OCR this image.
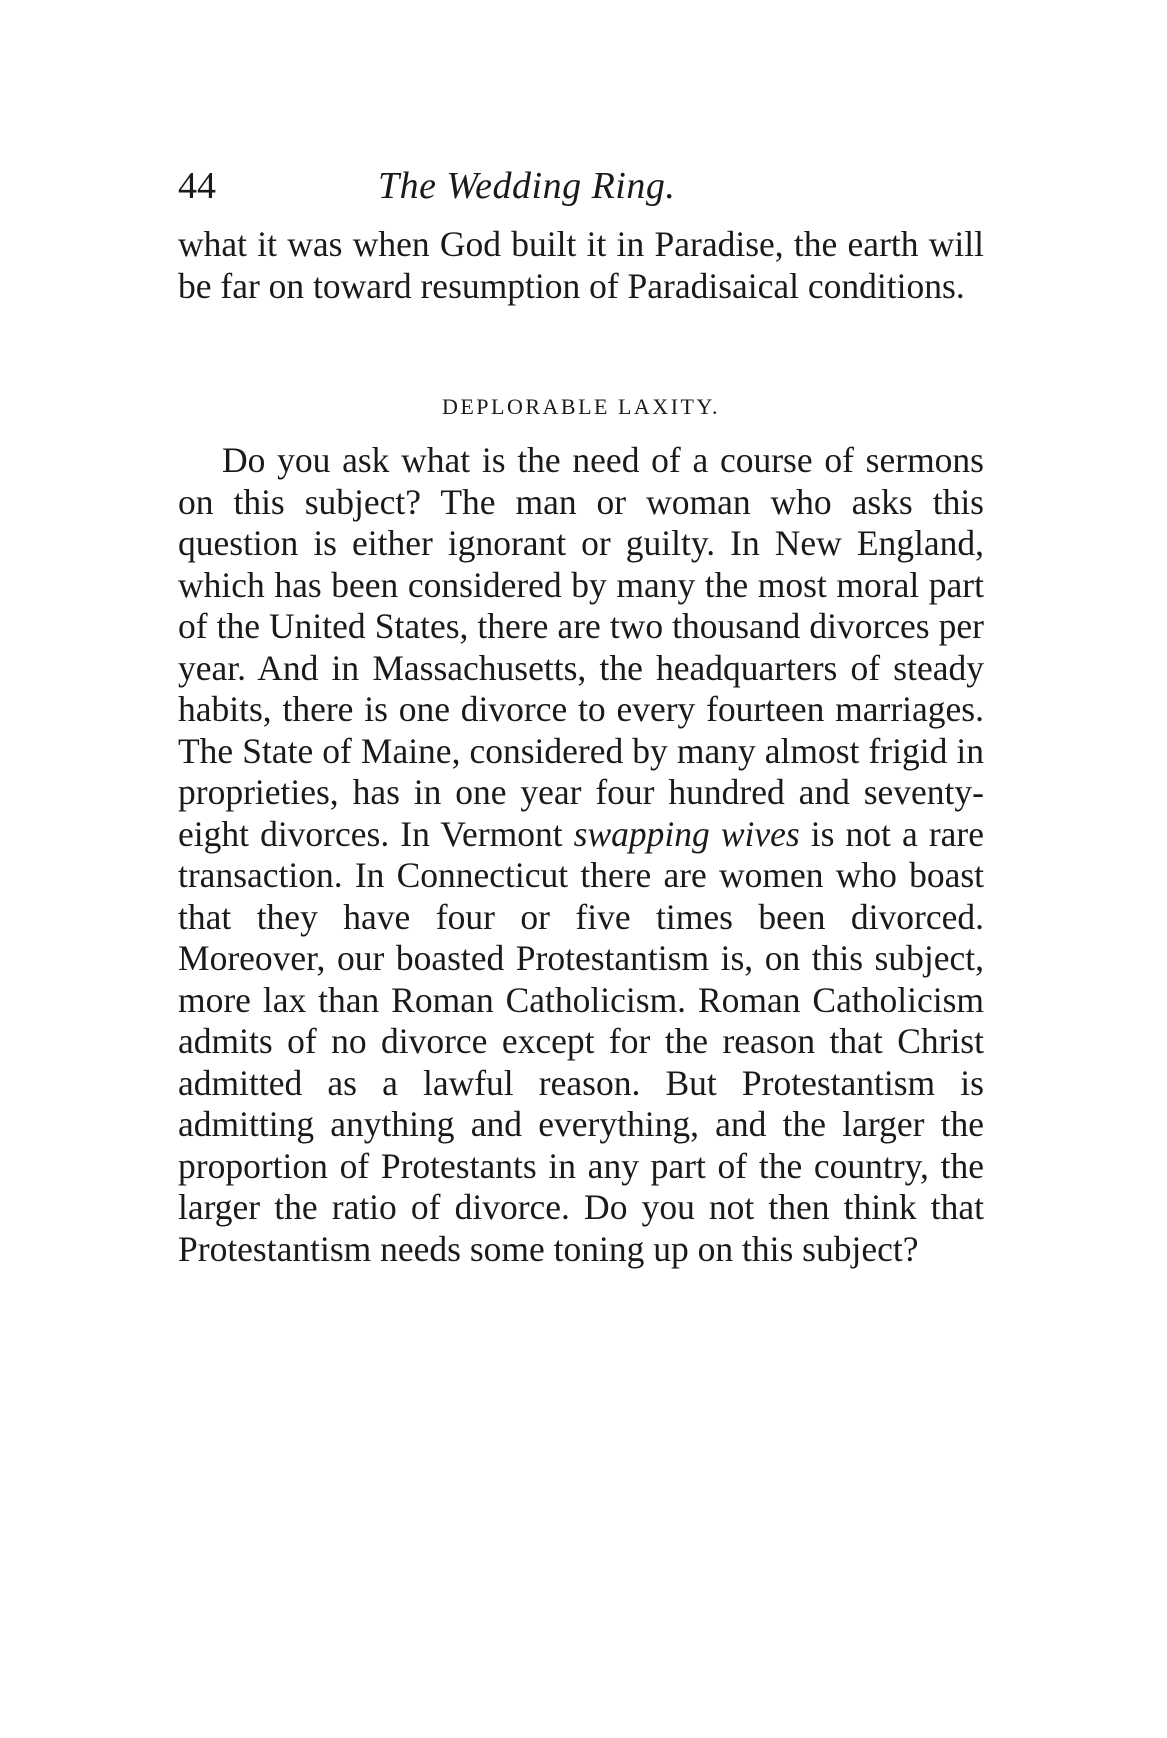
44	The Wedding Ring.

what it was when God built it in Paradise, the earth will be far on toward resumption of Paradisaical conditions.

DEPLORABLE LAXITY.

Do you ask what is the need of a course of sermons on this subject? The man or woman who asks this question is either ignorant or guilty. In New England, which has been considered by many the most moral part of the United States, there are two thousand divorces per year. And in Massachusetts, the headquarters of steady habits, there is one divorce to every fourteen marriages. The State of Maine, considered by many almost frigid in proprieties, has in one year four hundred and seventy-eight divorces. In Vermont swapping wives is not a rare transaction. In Connecticut there are women who boast that they have four or five times been divorced. Moreover, our boasted Protestantism is, on this subject, more lax than Roman Catholicism. Roman Catholicism admits of no divorce except for the reason that Christ admitted as a lawful reason. But Protestantism is admitting anything and everything, and the larger the proportion of Protestants in any part of the country, the larger the ratio of divorce. Do you not then think that Protestantism needs some toning up on this subject?
